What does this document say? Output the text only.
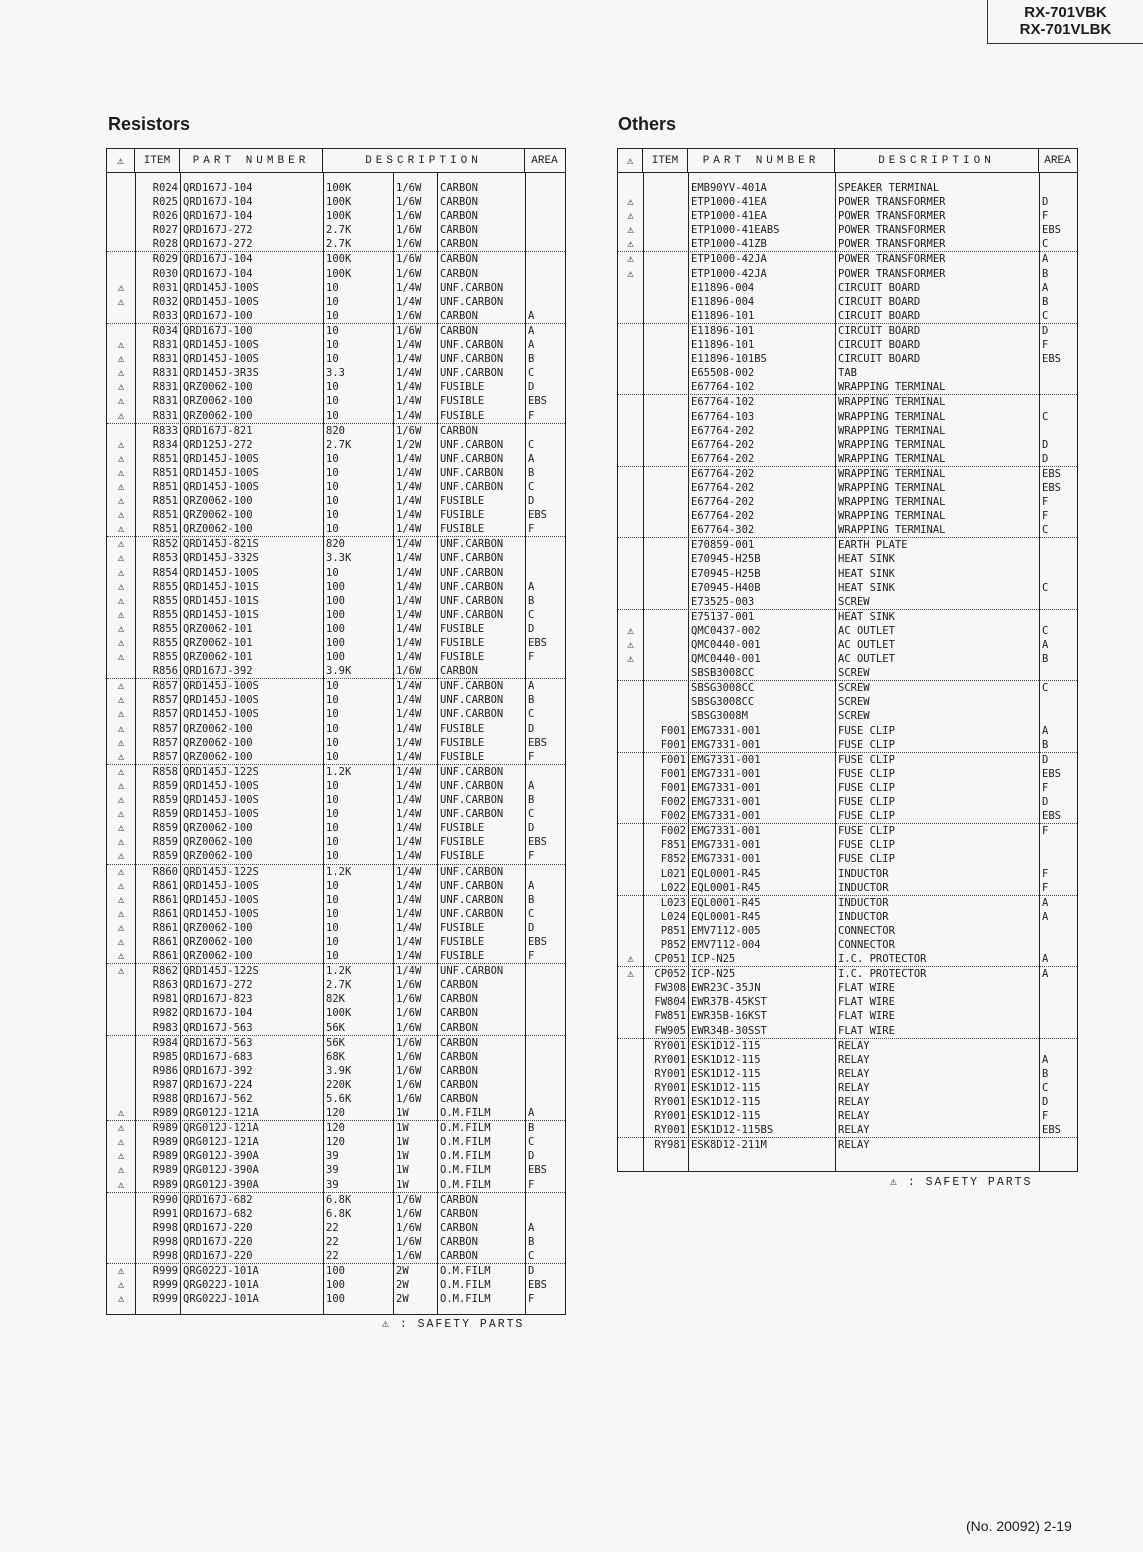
RX-701VBK
RX-701VLBK
Resistors	Others
⚠	ITEM	PART NUMBER	DESCRIPTION	AREA
R024 QRD167J-104	100K	1/6W	CARBON
R025 QRD167J-104	100K	1/6W	CARBON
R026 QRD167J-104	100K	1/6W	CARBON
R027 QRD167J-272	2.7K	1/6W	CARBON
R028 QRD167J-272	2.7K	1/6W	CARBON
R029 QRD167J-104	100K	1/6W	CARBON
R030 QRD167J-104	100K	1/6W	CARBON
⚠	R031 QRD145J-100S	10	1/4W	UNF.CARBON
⚠	R032 QRD145J-100S	10	1/4W	UNF.CARBON
R033 QRD167J-100	10	1/6W	CARBON	A
R034 QRD167J-100	10	1/6W	CARBON	A
⚠	R831 QRD145J-100S	10	1/4W	UNF.CARBON	A
⚠	R831 QRD145J-100S	10	1/4W	UNF.CARBON	B
⚠	R831 QRD145J-3R3S	3.3	1/4W	UNF.CARBON	C
⚠	R831 QRZ0062-100	10	1/4W	FUSIBLE	D
⚠	R831 QRZ0062-100	10	1/4W	FUSIBLE	EBS
⚠	R831 QRZ0062-100	10	1/4W	FUSIBLE	F
R833 QRD167J-821	820	1/6W	CARBON
⚠	R834 QRD125J-272	2.7K	1/2W	UNF.CARBON	C
⚠	R851 QRD145J-100S	10	1/4W	UNF.CARBON	A
⚠	R851 QRD145J-100S	10	1/4W	UNF.CARBON	B
⚠	R851 QRD145J-100S	10	1/4W	UNF.CARBON	C
⚠	R851 QRZ0062-100	10	1/4W	FUSIBLE	D
⚠	R851 QRZ0062-100	10	1/4W	FUSIBLE	EBS
⚠	R851 QRZ0062-100	10	1/4W	FUSIBLE	F
⚠	R852 QRD145J-821S	820	1/4W	UNF.CARBON
⚠	R853 QRD145J-332S	3.3K	1/4W	UNF.CARBON
⚠	R854 QRD145J-100S	10	1/4W	UNF.CARBON
⚠	R855 QRD145J-101S	100	1/4W	UNF.CARBON	A
⚠	R855 QRD145J-101S	100	1/4W	UNF.CARBON	B
⚠	R855 QRD145J-101S	100	1/4W	UNF.CARBON	C
⚠	R855 QRZ0062-101	100	1/4W	FUSIBLE	D
⚠	R855 QRZ0062-101	100	1/4W	FUSIBLE	EBS
⚠	R855 QRZ0062-101	100	1/4W	FUSIBLE	F
R856 QRD167J-392	3.9K	1/6W	CARBON
⚠	R857 QRD145J-100S	10	1/4W	UNF.CARBON	A
⚠	R857 QRD145J-100S	10	1/4W	UNF.CARBON	B
⚠	R857 QRD145J-100S	10	1/4W	UNF.CARBON	C
⚠	R857 QRZ0062-100	10	1/4W	FUSIBLE	D
⚠	R857 QRZ0062-100	10	1/4W	FUSIBLE	EBS
⚠	R857 QRZ0062-100	10	1/4W	FUSIBLE	F
⚠	R858 QRD145J-122S	1.2K	1/4W	UNF.CARBON
⚠	R859 QRD145J-100S	10	1/4W	UNF.CARBON	A
⚠	R859 QRD145J-100S	10	1/4W	UNF.CARBON	B
⚠	R859 QRD145J-100S	10	1/4W	UNF.CARBON	C
⚠	R859 QRZ0062-100	10	1/4W	FUSIBLE	D
⚠	R859 QRZ0062-100	10	1/4W	FUSIBLE	EBS
⚠	R859 QRZ0062-100	10	1/4W	FUSIBLE	F
⚠	R860 QRD145J-122S	1.2K	1/4W	UNF.CARBON
⚠	R861 QRD145J-100S	10	1/4W	UNF.CARBON	A
⚠	R861 QRD145J-100S	10	1/4W	UNF.CARBON	B
⚠	R861 QRD145J-100S	10	1/4W	UNF.CARBON	C
⚠	R861 QRZ0062-100	10	1/4W	FUSIBLE	D
⚠	R861 QRZ0062-100	10	1/4W	FUSIBLE	EBS
⚠	R861 QRZ0062-100	10	1/4W	FUSIBLE	F
⚠	R862 QRD145J-122S	1.2K	1/4W	UNF.CARBON
R863 QRD167J-272	2.7K	1/6W	CARBON
R981 QRD167J-823	82K	1/6W	CARBON
R982 QRD167J-104	100K	1/6W	CARBON
R983 QRD167J-563	56K	1/6W	CARBON
R984 QRD167J-563	56K	1/6W	CARBON
R985 QRD167J-683	68K	1/6W	CARBON
R986 QRD167J-392	3.9K	1/6W	CARBON
R987 QRD167J-224	220K	1/6W	CARBON
R988 QRD167J-562	5.6K	1/6W	CARBON
⚠	R989 QRG012J-121A	120	1W	O.M.FILM	A
⚠	R989 QRG012J-121A	120	1W	O.M.FILM	B
⚠	R989 QRG012J-121A	120	1W	O.M.FILM	C
⚠	R989 QRG012J-390A	39	1W	O.M.FILM	D
⚠	R989 QRG012J-390A	39	1W	O.M.FILM	EBS
⚠	R989 QRG012J-390A	39	1W	O.M.FILM	F
R990 QRD167J-682	6.8K	1/6W	CARBON
R991 QRD167J-682	6.8K	1/6W	CARBON
R998 QRD167J-220	22	1/6W	CARBON	A
R998 QRD167J-220	22	1/6W	CARBON	B
R998 QRD167J-220	22	1/6W	CARBON	C
⚠	R999 QRG022J-101A	100	2W	O.M.FILM	D
⚠	R999 QRG022J-101A	100	2W	O.M.FILM	EBS
⚠	R999 QRG022J-101A	100	2W	O.M.FILM	F
⚠ : SAFETY PARTS
⚠	ITEM	PART NUMBER	DESCRIPTION	AREA
EMB90YV-401A	SPEAKER TERMINAL
⚠	ETP1000-41EA	POWER TRANSFORMER	D
⚠	ETP1000-41EA	POWER TRANSFORMER	F
⚠	ETP1000-41EABS	POWER TRANSFORMER	EBS
⚠	ETP1000-41ZB	POWER TRANSFORMER	C
⚠	ETP1000-42JA	POWER TRANSFORMER	A
⚠	ETP1000-42JA	POWER TRANSFORMER	B
E11896-004	CIRCUIT BOARD	A
E11896-004	CIRCUIT BOARD	B
E11896-101	CIRCUIT BOARD	C
E11896-101	CIRCUIT BOARD	D
E11896-101	CIRCUIT BOARD	F
E11896-101BS	CIRCUIT BOARD	EBS
E65508-002	TAB
E67764-102	WRAPPING TERMINAL
E67764-102	WRAPPING TERMINAL
E67764-103	WRAPPING TERMINAL	C
E67764-202	WRAPPING TERMINAL
E67764-202	WRAPPING TERMINAL	D
E67764-202	WRAPPING TERMINAL	D
E67764-202	WRAPPING TERMINAL	EBS
E67764-202	WRAPPING TERMINAL	EBS
E67764-202	WRAPPING TERMINAL	F
E67764-202	WRAPPING TERMINAL	F
E67764-302	WRAPPING TERMINAL	C
E70859-001	EARTH PLATE
E70945-H25B	HEAT SINK
E70945-H25B	HEAT SINK
E70945-H40B	HEAT SINK	C
E73525-003	SCREW
E75137-001	HEAT SINK
⚠	QMC0437-002	AC OUTLET	C
⚠	QMC0440-001	AC OUTLET	A
⚠	QMC0440-001	AC OUTLET	B
SBSB3008CC	SCREW
SBSG3008CC	SCREW	C
SBSG3008CC	SCREW
SBSG3008M	SCREW
F001 EMG7331-001	FUSE CLIP	A
F001 EMG7331-001	FUSE CLIP	B
F001 EMG7331-001	FUSE CLIP	D
F001 EMG7331-001	FUSE CLIP	EBS
F001 EMG7331-001	FUSE CLIP	F
F002 EMG7331-001	FUSE CLIP	D
F002 EMG7331-001	FUSE CLIP	EBS
F002 EMG7331-001	FUSE CLIP	F
F851 EMG7331-001	FUSE CLIP
F852 EMG7331-001	FUSE CLIP
L021 EQL0001-R45	INDUCTOR	F
L022 EQL0001-R45	INDUCTOR	F
L023 EQL0001-R45	INDUCTOR	A
L024 EQL0001-R45	INDUCTOR	A
P851 EMV7112-005	CONNECTOR
P852 EMV7112-004	CONNECTOR
⚠	CP051 ICP-N25	I.C. PROTECTOR	A
⚠	CP052 ICP-N25	I.C. PROTECTOR	A
FW308 EWR23C-35JN	FLAT WIRE
FW804 EWR37B-45KST	FLAT WIRE
FW851 EWR35B-16KST	FLAT WIRE
FW905 EWR34B-30SST	FLAT WIRE
RY001 ESK1D12-115	RELAY
RY001 ESK1D12-115	RELAY	A
RY001 ESK1D12-115	RELAY	B
RY001 ESK1D12-115	RELAY	C
RY001 ESK1D12-115	RELAY	D
RY001 ESK1D12-115	RELAY	F
RY001 ESK1D12-115BS	RELAY	EBS
RY981 ESK8D12-211M	RELAY
⚠ : SAFETY PARTS
(No. 20092) 2-19
